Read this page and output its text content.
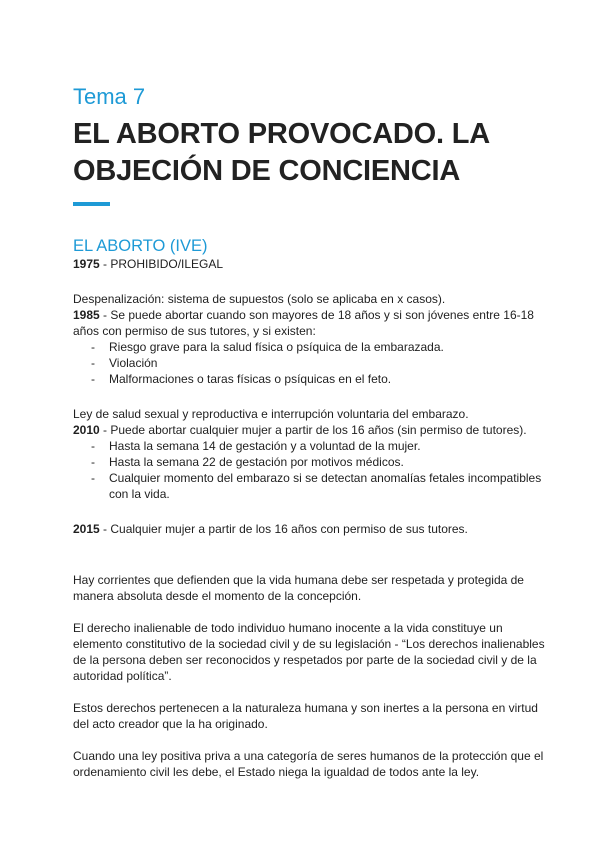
Tema 7
EL ABORTO PROVOCADO. LA OBJECIÓN DE CONCIENCIA
EL ABORTO (IVE)

1975 - PROHIBIDO/ILEGAL

Despenalización: sistema de supuestos (solo se aplicaba en x casos).

1985 - Se puede abortar cuando son mayores de 18 años y si son jóvenes entre 16-18 años con permiso de sus tutores, y si existen:

- Riesgo grave para la salud física o psíquica de la embarazada.
- Violación
- Malformaciones o taras físicas o psíquicas en el feto.

Ley de salud sexual y reproductiva e interrupción voluntaria del embarazo.

2010 - Puede abortar cualquier mujer a partir de los 16 años (sin permiso de tutores).

- Hasta la semana 14 de gestación y a voluntad de la mujer.
- Hasta la semana 22 de gestación por motivos médicos.
- Cualquier momento del embarazo si se detectan anomalías fetales incompatibles con la vida.

2015 - Cualquier mujer a partir de los 16 años con permiso de sus tutores.

Hay corrientes que defienden que la vida humana debe ser respetada y protegida de manera absoluta desde el momento de la concepción.

El derecho inalienable de todo individuo humano inocente a la vida constituye un elemento constitutivo de la sociedad civil y de su legislación - “Los derechos inalienables de la persona deben ser reconocidos y respetados por parte de la sociedad civil y de la autoridad política”.

Estos derechos pertenecen a la naturaleza humana y son inertes a la persona en virtud del acto creador que la ha originado.

Cuando una ley positiva priva a una categoría de seres humanos de la protección que el ordenamiento civil les debe, el Estado niega la igualdad de todos ante la ley.
